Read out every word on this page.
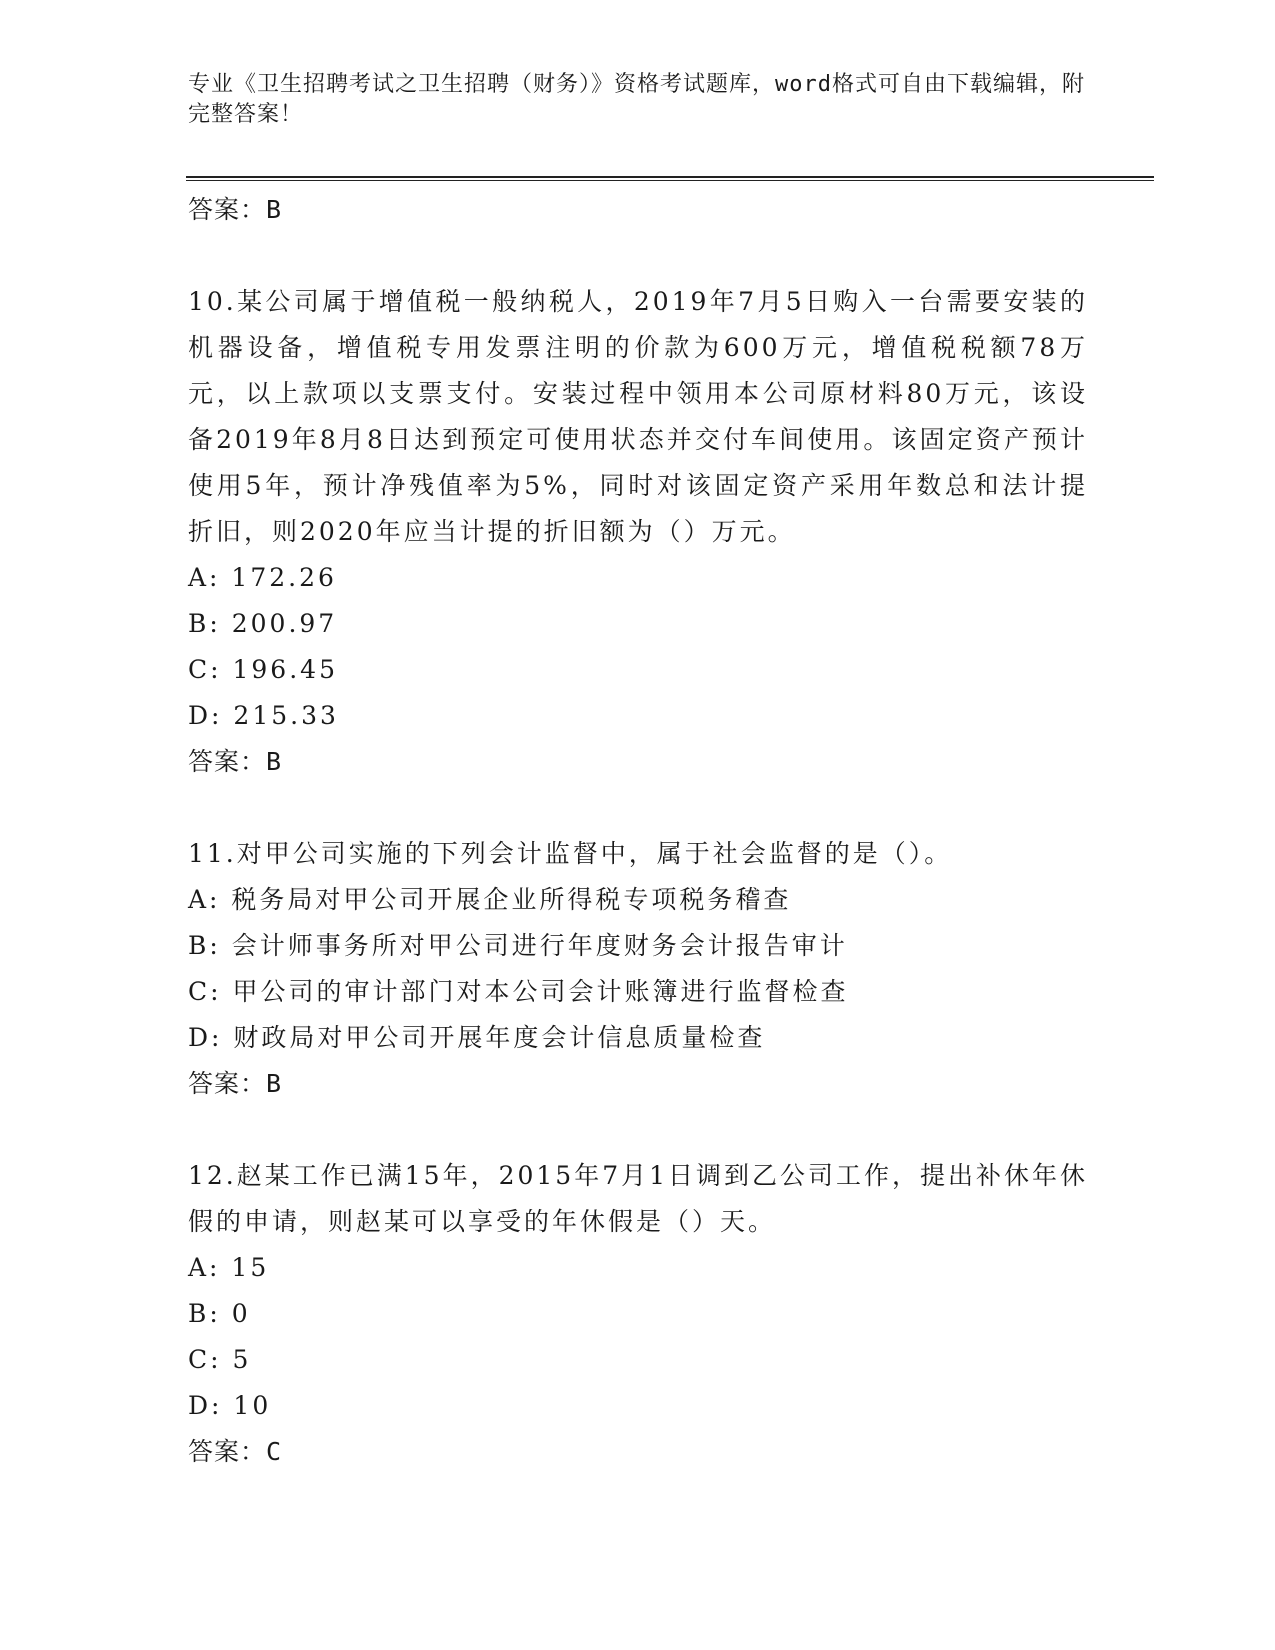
专业《卫生招聘考试之卫生招聘（财务）》资格考试题库，word格式可自由下载编辑，附完整答案！
答案：B
10.某公司属于增值税一般纳税人，2019年7月5日购入一台需要安装的机器设备，增值税专用发票注明的价款为600万元，增值税税额78万元，以上款项以支票支付。安装过程中领用本公司原材料80万元，该设备2019年8月8日达到预定可使用状态并交付车间使用。该固定资产预计使用5年，预计净残值率为5%，同时对该固定资产采用年数总和法计提折旧，则2020年应当计提的折旧额为（）万元。
A: 172.26
B: 200.97
C: 196.45
D: 215.33
答案：B
11.对甲公司实施的下列会计监督中，属于社会监督的是（）。
A: 税务局对甲公司开展企业所得税专项税务稽查
B: 会计师事务所对甲公司进行年度财务会计报告审计
C: 甲公司的审计部门对本公司会计账簿进行监督检查
D: 财政局对甲公司开展年度会计信息质量检查
答案：B
12.赵某工作已满15年，2015年7月1日调到乙公司工作，提出补休年休假的申请，则赵某可以享受的年休假是（）天。
A: 15
B: 0
C: 5
D: 10
答案：C
